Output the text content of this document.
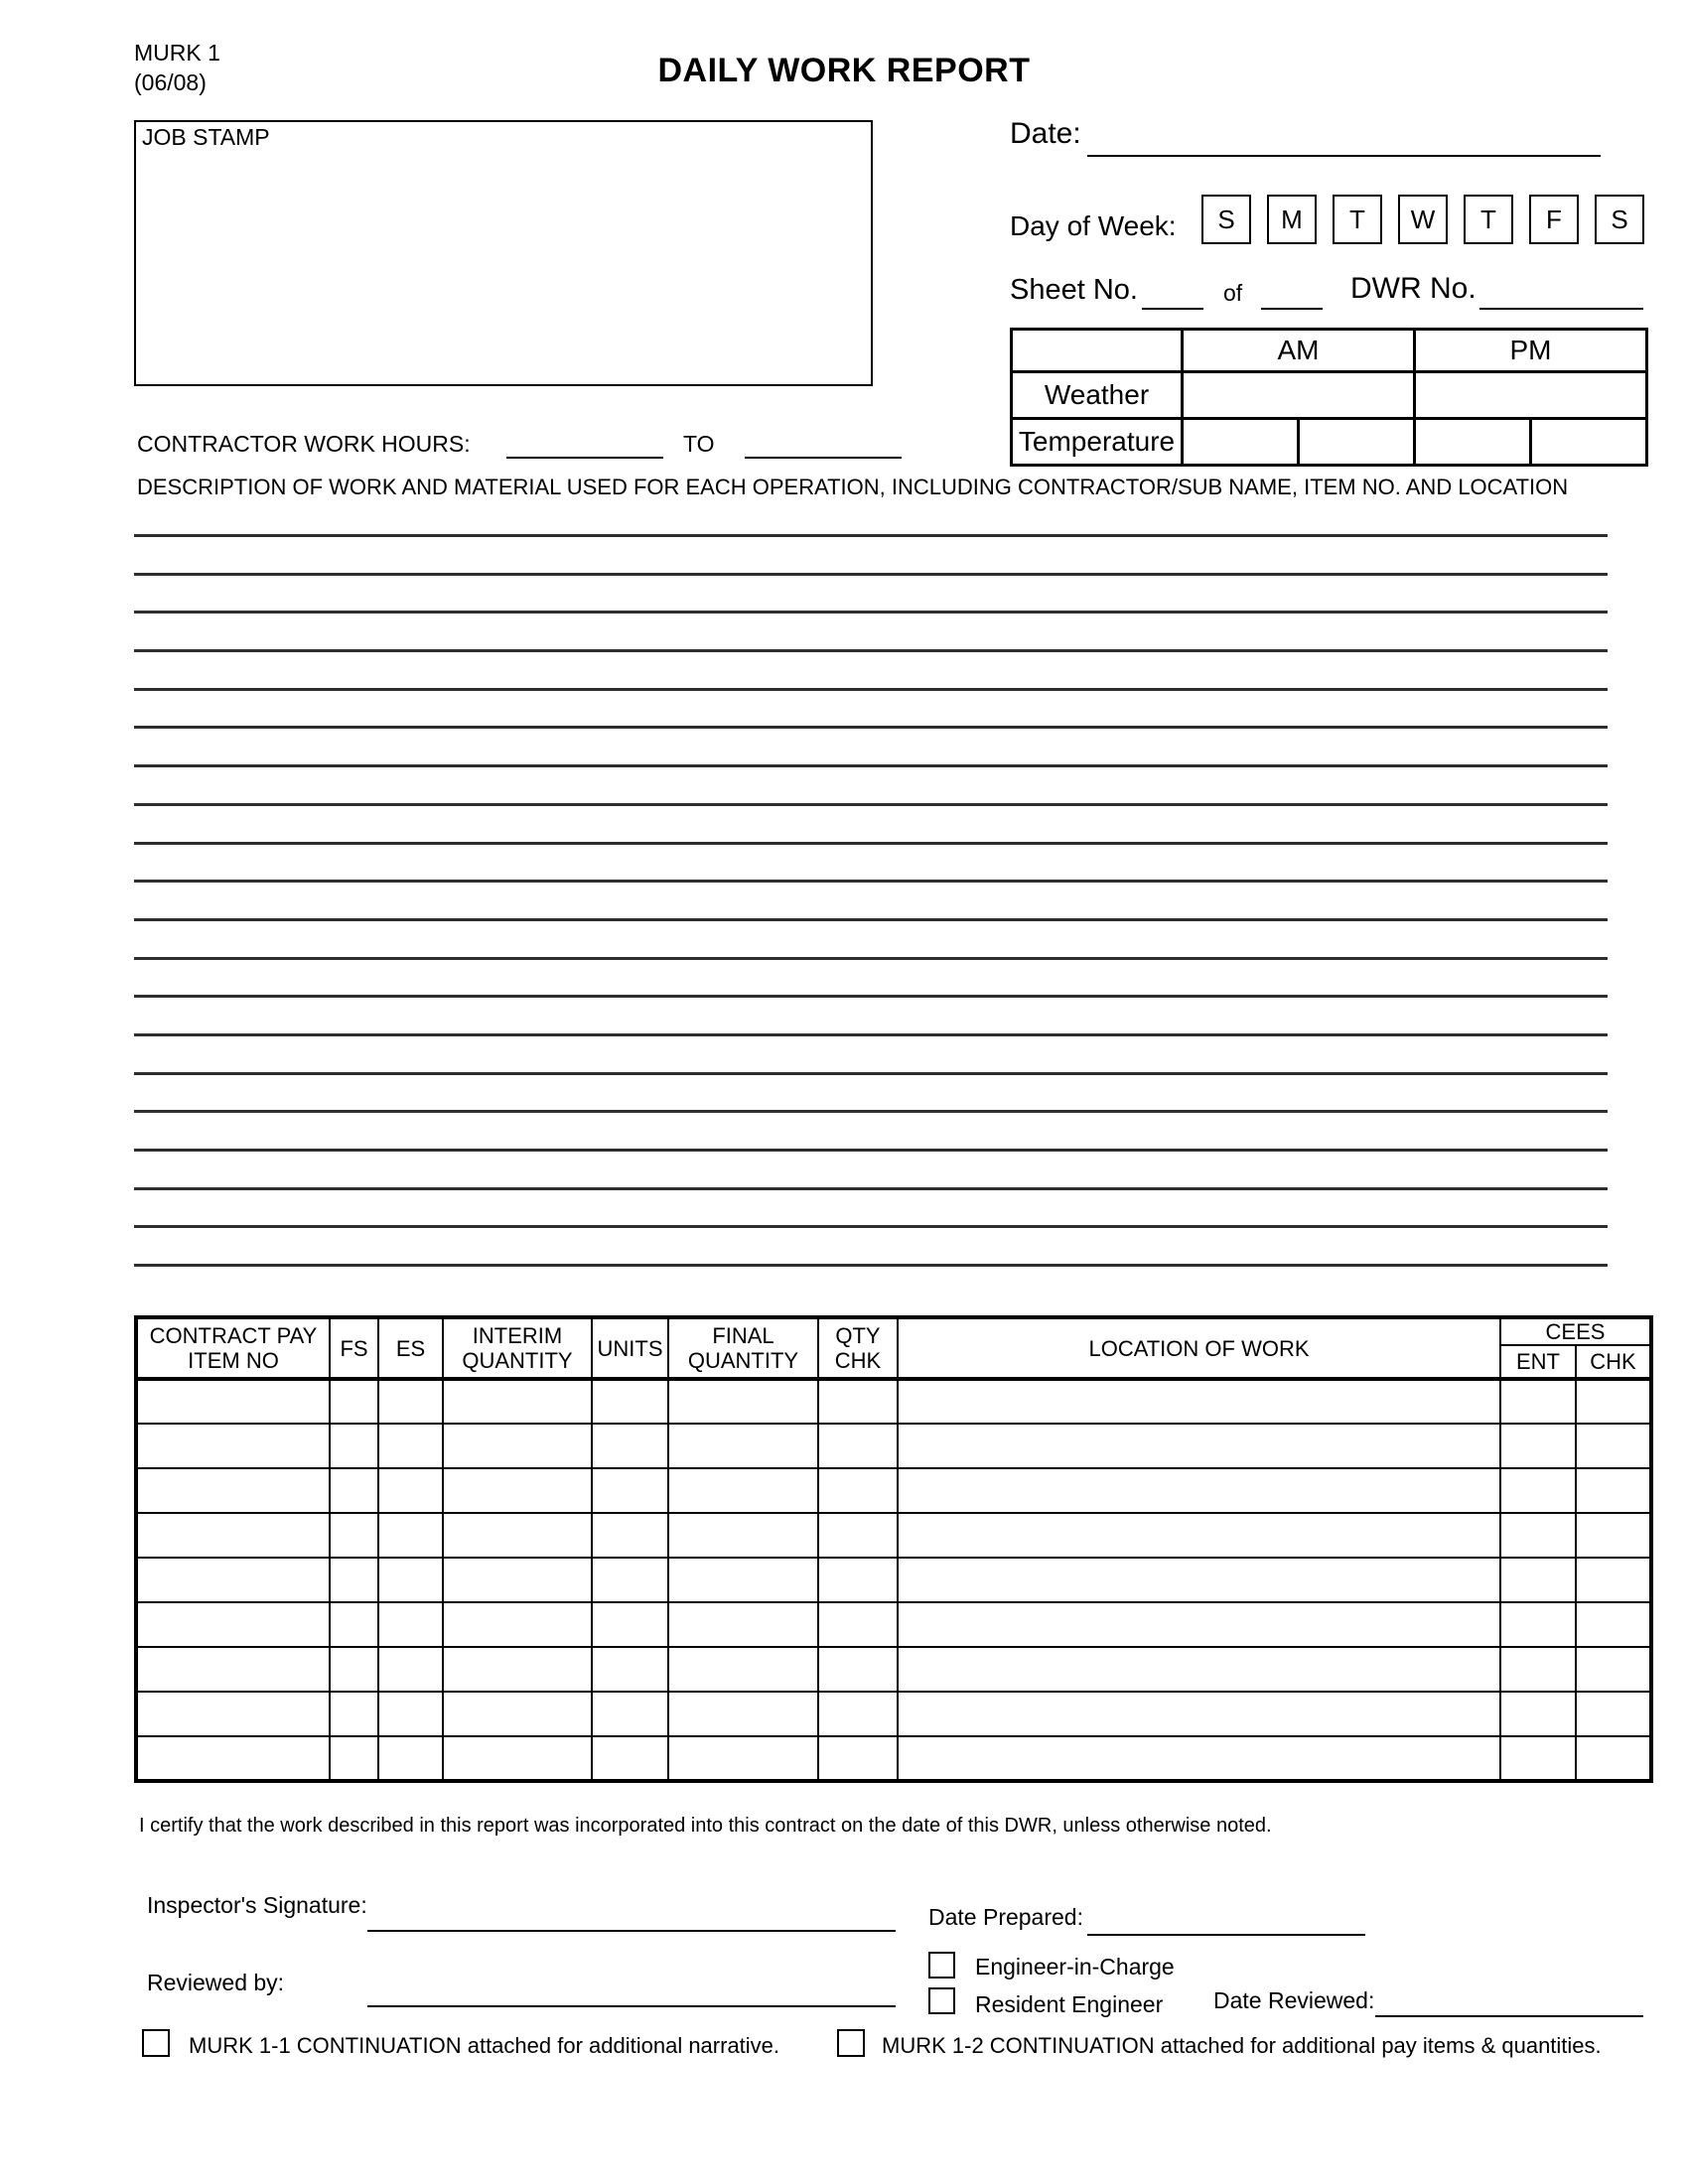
MURK 1
(06/08)	DAILY WORK REPORT
JOB STAMP	Date:
Day of Week:	S	M	T	W	T	F	S
Sheet No.	of	DWR No.
	AM		PM	
Weather				
Temperature				
CONTRACTOR WORK HOURS:	TO
DESCRIPTION OF WORK AND MATERIAL USED FOR EACH OPERATION, INCLUDING CONTRACTOR/SUB NAME, ITEM NO. AND LOCATION
CONTRACT PAY ITEM NO	FS	ES	INTERIM QUANTITY	UNITS	FINAL QUANTITY	QTY CHK	LOCATION OF WORK	CEES	
								ENT	CHK

I certify that the work described in this report was incorporated into this contract on the date of this DWR, unless otherwise noted.
Inspector's Signature:	Date Prepared:
Reviewed by:
Engineer-in-Charge
Resident Engineer Date Reviewed:
MURK 1-1 CONTINUATION attached for additional narrative.	MURK 1-2 CONTINUATION attached for additional pay items & quantities.
